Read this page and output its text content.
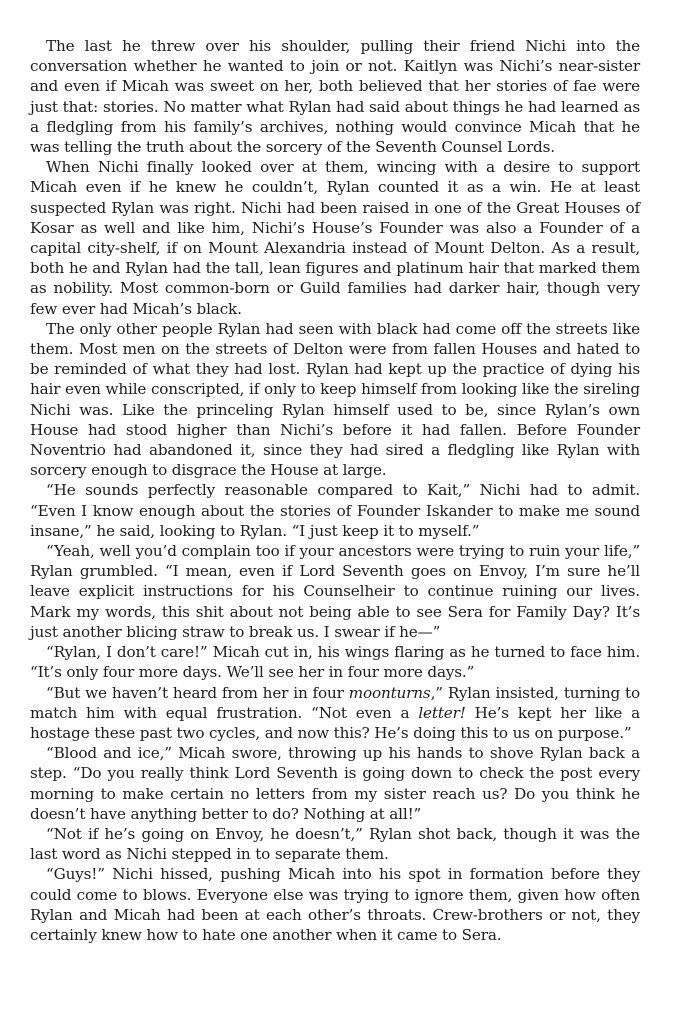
The last he threw over his shoulder, pulling their friend Nichi into the conversation whether he wanted to join or not. Kaitlyn was Nichi’s near-sister and even if Micah was sweet on her, both believed that her stories of fae were just that: stories. No matter what Rylan had said about things he had learned as a fledgling from his family’s archives, nothing would convince Micah that he was telling the truth about the sorcery of the Seventh Counsel Lords.

When Nichi finally looked over at them, wincing with a desire to support Micah even if he knew he couldn’t, Rylan counted it as a win. He at least suspected Rylan was right. Nichi had been raised in one of the Great Houses of Kosar as well and like him, Nichi’s House’s Founder was also a Founder of a capital city-shelf, if on Mount Alexandria instead of Mount Delton. As a result, both he and Rylan had the tall, lean figures and platinum hair that marked them as nobility. Most common-born or Guild families had darker hair, though very few ever had Micah’s black.

The only other people Rylan had seen with black had come off the streets like them. Most men on the streets of Delton were from fallen Houses and hated to be reminded of what they had lost. Rylan had kept up the practice of dying his hair even while conscripted, if only to keep himself from looking like the sireling Nichi was. Like the princeling Rylan himself used to be, since Rylan’s own House had stood higher than Nichi’s before it had fallen. Before Founder Noventrio had abandoned it, since they had sired a fledgling like Rylan with sorcery enough to disgrace the House at large.

“He sounds perfectly reasonable compared to Kait,” Nichi had to admit. “Even I know enough about the stories of Founder Iskander to make me sound insane,” he said, looking to Rylan. “I just keep it to myself.”

“Yeah, well you’d complain too if your ancestors were trying to ruin your life,” Rylan grumbled. “I mean, even if Lord Seventh goes on Envoy, I’m sure he’ll leave explicit instructions for his Counselheir to continue ruining our lives. Mark my words, this shit about not being able to see Sera for Family Day? It’s just another blicing straw to break us. I swear if he—”

“Rylan, I don’t care!” Micah cut in, his wings flaring as he turned to face him. “It’s only four more days. We’ll see her in four more days.”

“But we haven’t heard from her in four moonturns,” Rylan insisted, turning to match him with equal frustration. “Not even a letter! He’s kept her like a hostage these past two cycles, and now this? He’s doing this to us on purpose.”

“Blood and ice,” Micah swore, throwing up his hands to shove Rylan back a step. “Do you really think Lord Seventh is going down to check the post every morning to make certain no letters from my sister reach us? Do you think he doesn’t have anything better to do? Nothing at all!”

“Not if he’s going on Envoy, he doesn’t,” Rylan shot back, though it was the last word as Nichi stepped in to separate them.

“Guys!” Nichi hissed, pushing Micah into his spot in formation before they could come to blows. Everyone else was trying to ignore them, given how often Rylan and Micah had been at each other’s throats. Crew-brothers or not, they certainly knew how to hate one another when it came to Sera.
